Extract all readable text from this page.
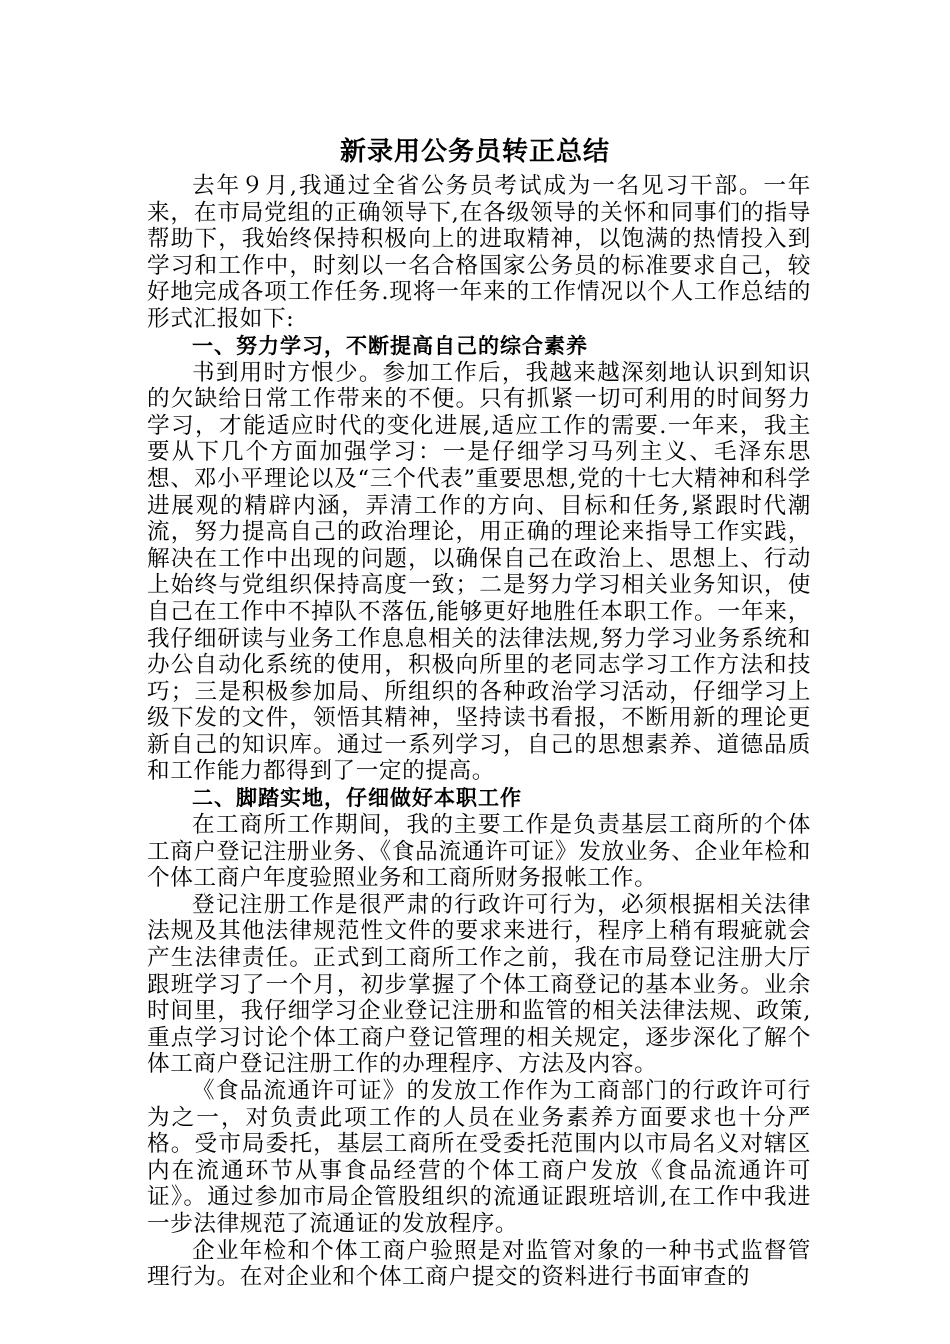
新录用公务员转正总结

去年９月,我通过全省公务员考试成为一名见习干部。一年来，在市局党组的正确领导下,在各级领导的关怀和同事们的指导帮助下，我始终保持积极向上的进取精神，以饱满的热情投入到学习和工作中，时刻以一名合格国家公务员的标准要求自己，较好地完成各项工作任务.现将一年来的工作情况以个人工作总结的形式汇报如下:

一、努力学习，不断提高自己的综合素养

书到用时方恨少。参加工作后，我越来越深刻地认识到知识的欠缺给日常工作带来的不便。只有抓紧一切可利用的时间努力学习，才能适应时代的变化进展,适应工作的需要.一年来，我主要从下几个方面加强学习：一是仔细学习马列主义、毛泽东思想、邓小平理论以及“三个代表”重要思想,党的十七大精神和科学进展观的精辟内涵，弄清工作的方向、目标和任务,紧跟时代潮流，努力提高自己的政治理论，用正确的理论来指导工作实践，解决在工作中出现的问题，以确保自己在政治上、思想上、行动上始终与党组织保持高度一致；二是努力学习相关业务知识，使自己在工作中不掉队不落伍,能够更好地胜任本职工作。一年来，我仔细研读与业务工作息息相关的法律法规,努力学习业务系统和办公自动化系统的使用，积极向所里的老同志学习工作方法和技巧；三是积极参加局、所组织的各种政治学习活动，仔细学习上级下发的文件，领悟其精神，坚持读书看报，不断用新的理论更新自己的知识库。通过一系列学习，自己的思想素养、道德品质和工作能力都得到了一定的提高。

二、脚踏实地，仔细做好本职工作

在工商所工作期间，我的主要工作是负责基层工商所的个体工商户登记注册业务、《食品流通许可证》发放业务、企业年检和个体工商户年度验照业务和工商所财务报帐工作。

登记注册工作是很严肃的行政许可行为，必须根据相关法律法规及其他法律规范性文件的要求来进行，程序上稍有瑕疵就会产生法律责任。正式到工商所工作之前，我在市局登记注册大厅跟班学习了一个月，初步掌握了个体工商登记的基本业务。业余时间里，我仔细学习企业登记注册和监管的相关法律法规、政策,重点学习讨论个体工商户登记管理的相关规定，逐步深化了解个体工商户登记注册工作的办理程序、方法及内容。

《食品流通许可证》的发放工作作为工商部门的行政许可行为之一，对负责此项工作的人员在业务素养方面要求也十分严格。受市局委托，基层工商所在受委托范围内以市局名义对辖区内在流通环节从事食品经营的个体工商户发放《食品流通许可证》。通过参加市局企管股组织的流通证跟班培训,在工作中我进一步法律规范了流通证的发放程序。

企业年检和个体工商户验照是对监管对象的一种书式监督管理行为。在对企业和个体工商户提交的资料进行书面审查的
